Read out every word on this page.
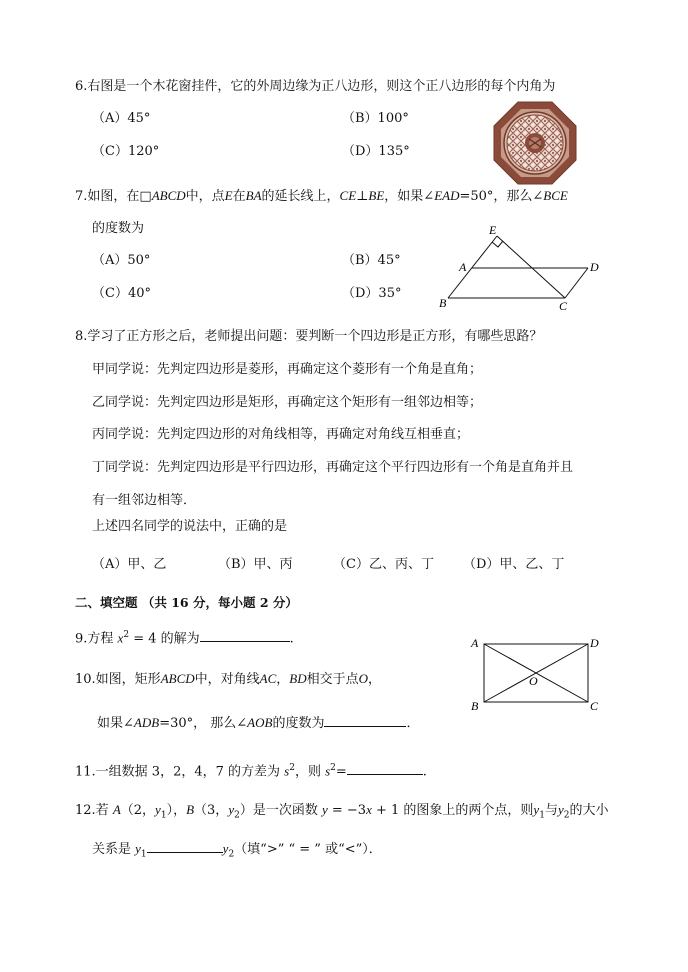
6.右图是一个木花窗挂件，它的外周边缘为正八边形，则这个正八边形的每个内角为
（A）45°	（B）100°
（C）120°	（D）135°
7.如图，在□ABCD中，点E在BA的延长线上，CE⊥BE，如果∠EAD=50°，那么∠BCE
的度数为
（A）50°	（B）45°
（C）40°	（D）35°
E
A	D
B	C
8.学习了正方形之后，老师提出问题：要判断一个四边形是正方形，有哪些思路？
甲同学说：先判定四边形是菱形，再确定这个菱形有一个角是直角；
乙同学说：先判定四边形是矩形，再确定这个矩形有一组邻边相等；
丙同学说：先判定四边形的对角线相等，再确定对角线互相垂直；
丁同学说：先判定四边形是平行四边形，再确定这个平行四边形有一个角是直角并且
有一组邻边相等．
上述四名同学的说法中，正确的是
（A）甲、乙	（B）甲、丙	（C）乙、丙、丁 （D）甲、乙、丁
二、填空题 （共 16 分，每小题 2 分）
9.方程 $x^2 = 4$ 的解为	.	A	D
O
B	C
10.如图，矩形ABCD中，对角线AC，BD相交于点O，
如果∠ADB=30°， 那么∠AOB的度数为	．
11.一组数据 3，2，4，7 的方差为 $s^2$，则 $s^2=$	.
12.若 A（2，$y_1$），B（3，$y_2$）是一次函数 y = −3x + 1 的图象上的两个点，则$y_1$与$y_2$的大小
关系是 $y_1$	$y_2$（填“>” “ = ” 或“<”）．
